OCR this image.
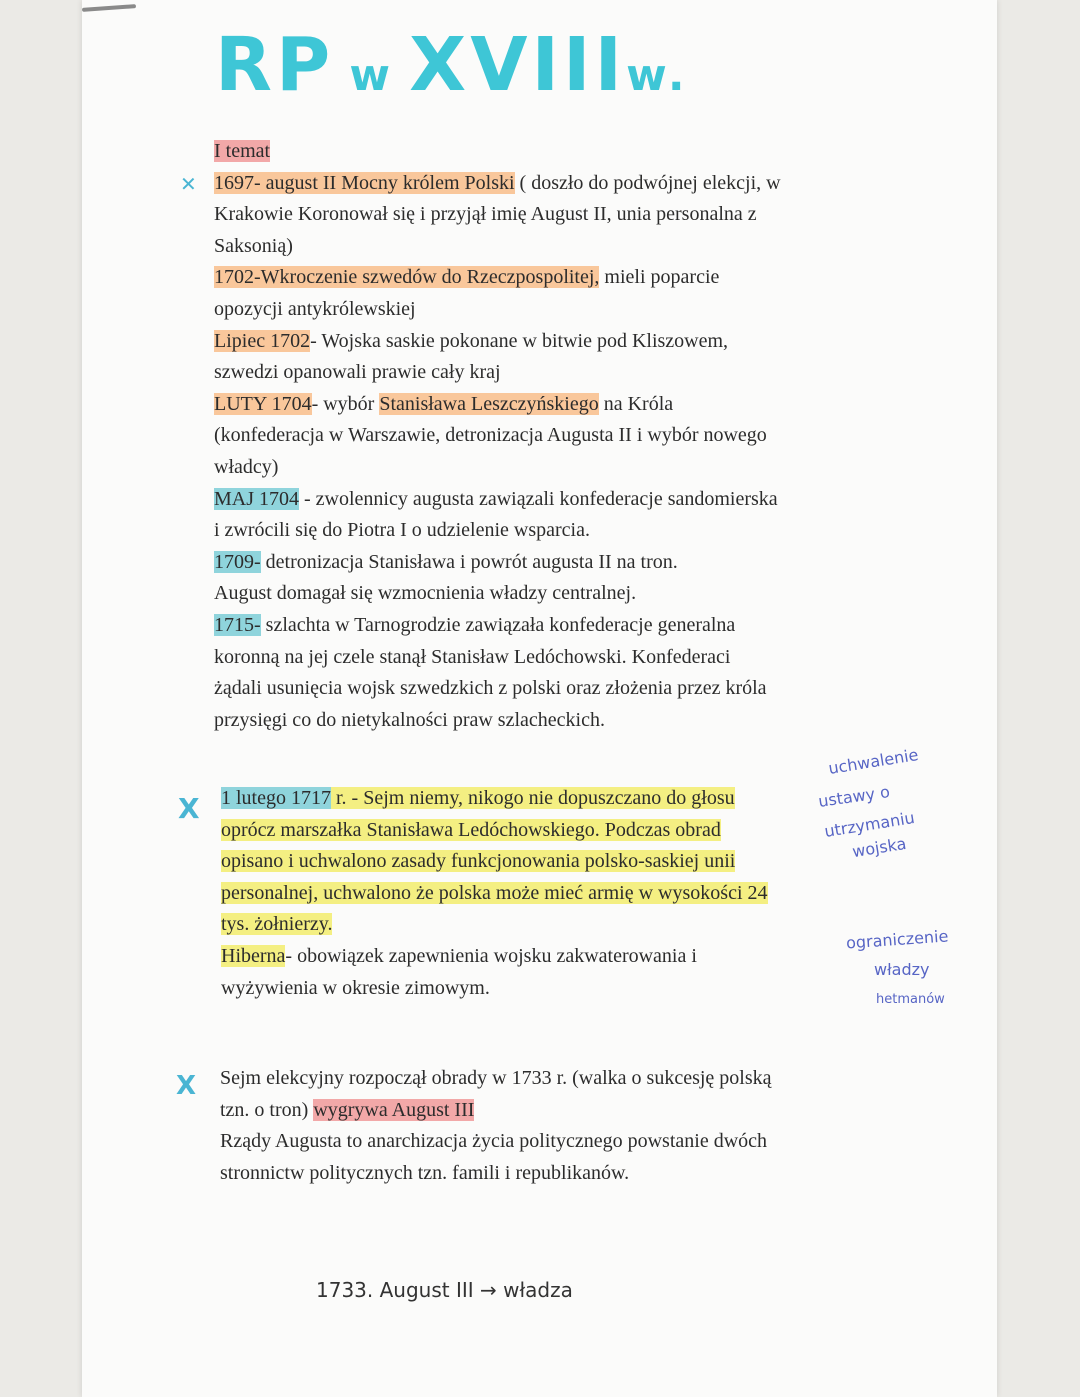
RP w XVIIIw.
✕
I temat
1697- august II Mocny królem Polski ( doszło do podwójnej elekcji, w
Krakowie Koronował się i przyjął imię August II, unia personalna z
Saksonią)
1702-Wkroczenie szwedów do Rzeczpospolitej, mieli poparcie
opozycji antykrólewskiej
Lipiec 1702- Wojska saskie pokonane w bitwie pod Kliszowem,
szwedzi opanowali prawie cały kraj
LUTY 1704- wybór Stanisława Leszczyńskiego na Króla
(konfederacja w Warszawie, detronizacja Augusta II i wybór nowego
władcy)
MAJ 1704 - zwolennicy augusta zawiązali konfederacje sandomierska
i zwrócili się do Piotra I o udzielenie wsparcia.
1709- detronizacja Stanisława i powrót augusta II na tron.
August domagał się wzmocnienia władzy centralnej.
1715- szlachta w Tarnogrodzie zawiązała konfederacje generalna
koronną na jej czele stanął Stanisław Ledóchowski. Konfederaci
żądali usunięcia wojsk szwedzkich z polski oraz złożenia przez króla
przysięgi co do nietykalności praw szlacheckich.
X 1 lutego 1717 r. - Sejm niemy, nikogo nie dopuszczano do głosu
oprócz marszałka Stanisława Ledóchowskiego. Podczas obrad
opisano i uchwalono zasady funkcjonowania polsko-saskiej unii
personalnej, uchwalono że polska może mieć armię w wysokości 24
tys. żołnierzy.
Hiberna- obowiązek zapewnienia wojsku zakwaterowania i
wyżywienia w okresie zimowym.
X Sejm elekcyjny rozpoczął obrady w 1733 r. (walka o sukcesję polską
tzn. o tron) wygrywa August III
Rządy Augusta to anarchizacja życia politycznego powstanie dwóch
stronnictw politycznych tzn. famili i republikanów.
uchwalenie
ustawy o
utrzymaniu
wojska
ograniczenie
władzy
hetmanów
1733. August III → władza
